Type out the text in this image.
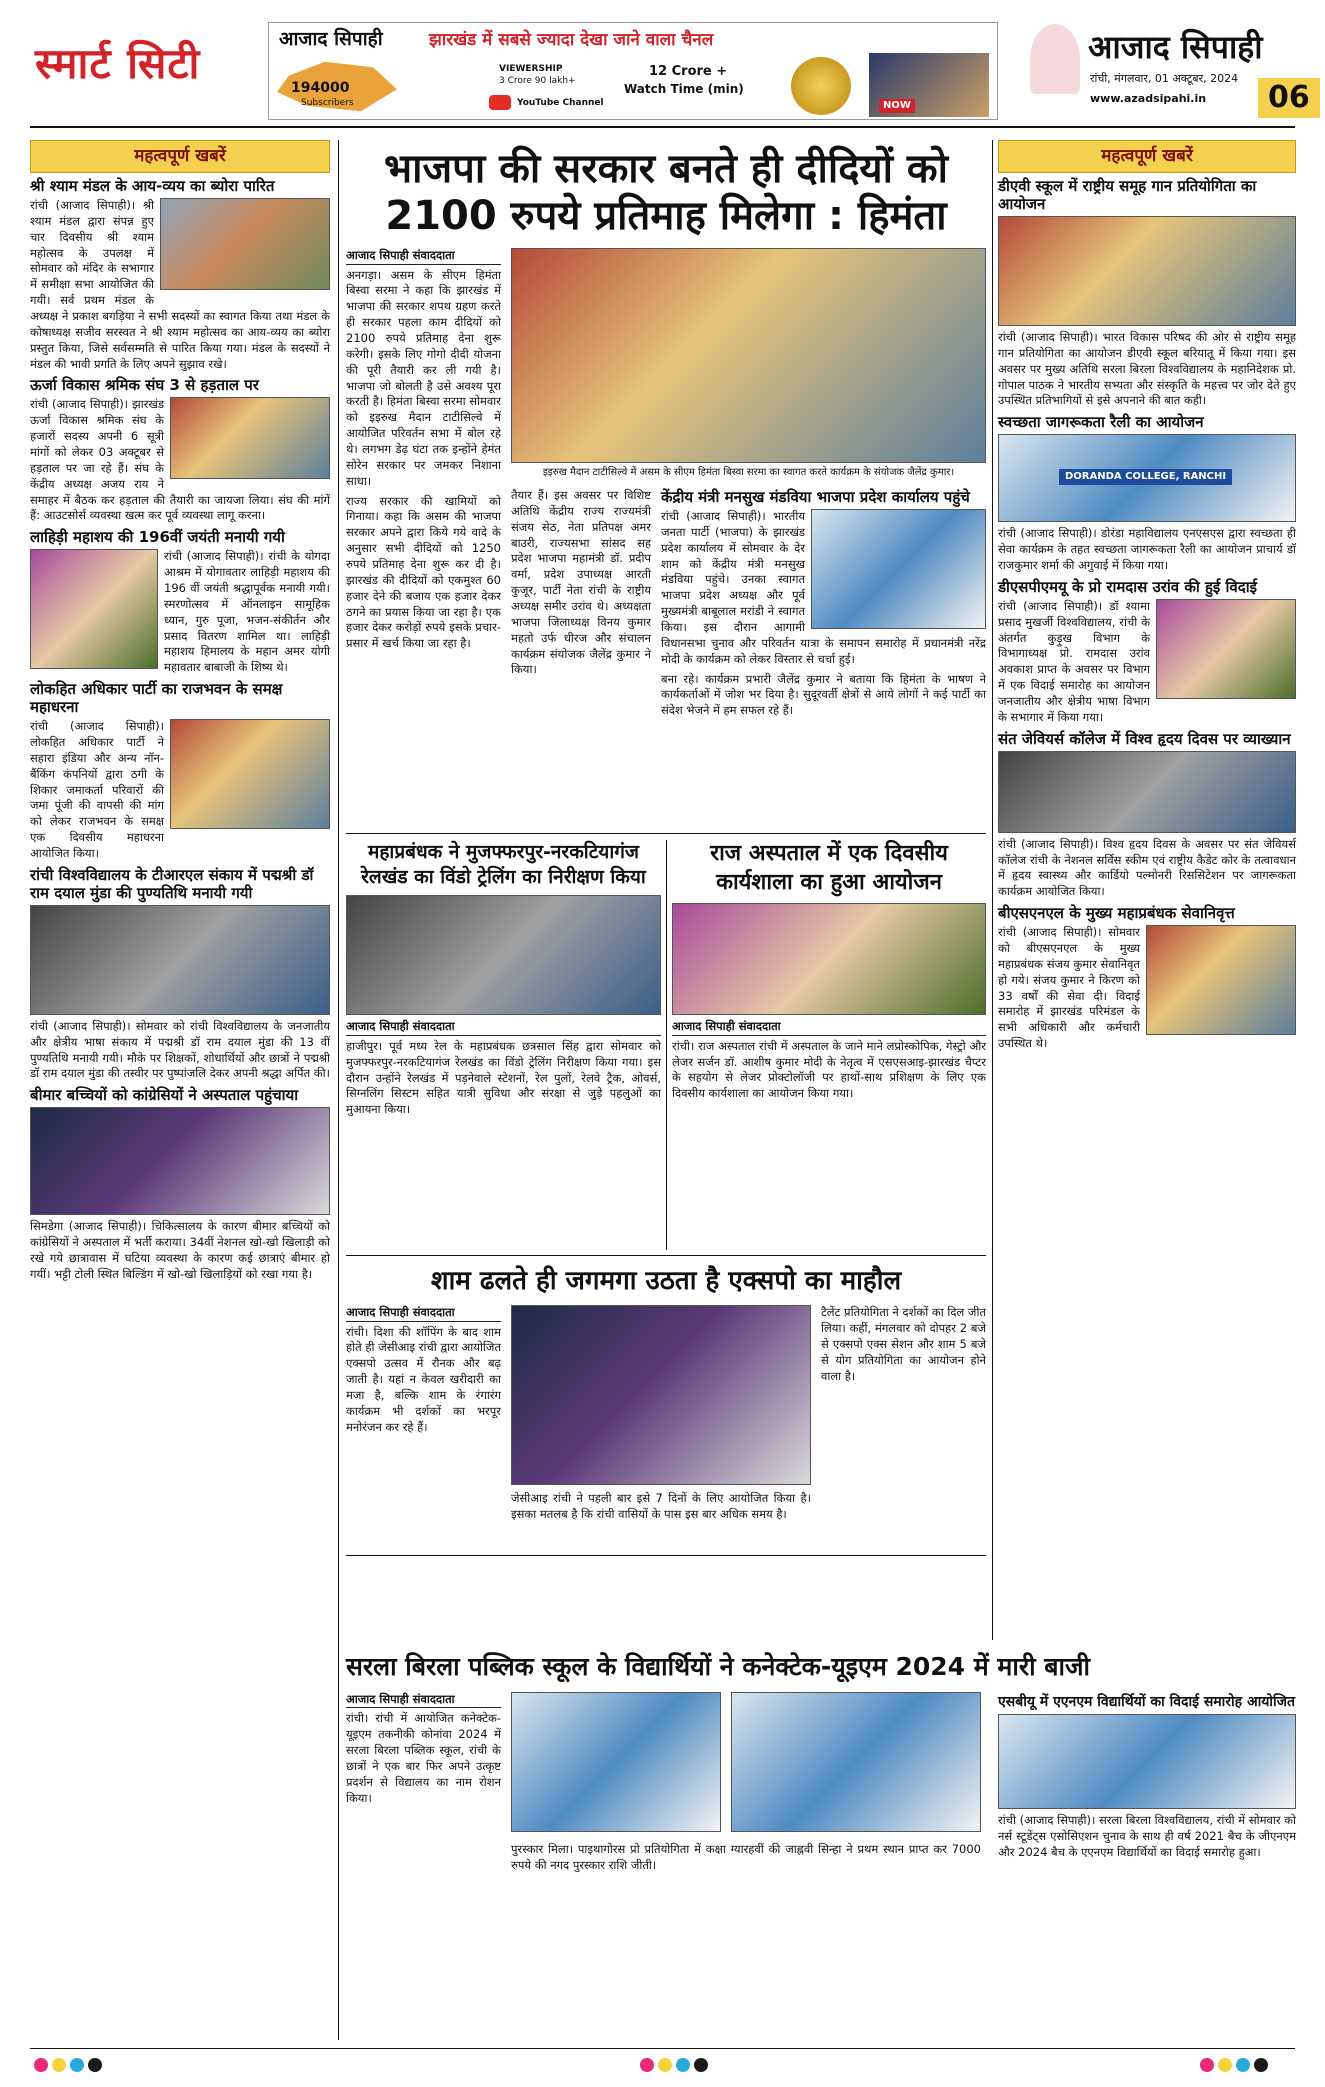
स्मार्ट सिटी	आजाद सिपाही	झारखंड में सबसे ज्यादा देखा जाने वाला चैनल
194000
Subscribers
VIEWERSHIP
3 Crore 90 lakh+
12 Crore +
Watch Time (min)
YouTube Channel	NOW
आजाद सिपाही
रांची, मंगलवार, 01 अक्टूबर, 2024
www.azadsipahi.in	06
महत्वपूर्ण खबरें
श्री श्याम मंडल के आय-व्यय का ब्योरा पारित
रांची (आजाद सिपाही)। श्री श्याम मंडल द्वारा संपन्न हुए चार दिवसीय श्री श्याम महोत्सव के उपलक्ष में सोमवार को मंदिर के सभागार में समीक्षा सभा आयोजित की गयी। सर्व प्रथम मंडल के अध्यक्ष ने प्रकाश बगड़िया ने सभी सदस्यों का स्वागत किया तथा मंडल के कोषाध्यक्ष सजीव सरस्वत ने श्री श्याम महोत्सव का आय-व्यय का ब्योरा प्रस्तुत किया, जिसे सर्वसम्मति से पारित किया गया। मंडल के सदस्यों ने मंडल की भावी प्रगति के लिए अपने सुझाव रखे।
ऊर्जा विकास श्रमिक संघ 3 से हड़ताल पर
रांची (आजाद सिपाही)। झारखंड ऊर्जा विकास श्रमिक संघ के हजारों सदस्य अपनी 6 सूत्री मांगों को लेकर 03 अक्टूबर से हड़ताल पर जा रहे हैं। संघ के केंद्रीय अध्यक्ष अजय राय ने समाहर में बैठक कर हड़ताल की तैयारी का जायजा लिया। संघ की मांगें हैं: आउटसोर्स व्यवस्था खत्म कर पूर्व व्यवस्था लागू करना।
लाहिड़ी महाशय की 196वीं जयंती मनायी गयी
रांची (आजाद सिपाही)। रांची के योगदा आश्रम में योगावतार लाहिड़ी महाशय की 196 वीं जयंती श्रद्धापूर्वक मनायी गयी। स्मरणोत्सव में ऑनलाइन सामूहिक ध्यान, गुरु पूजा, भजन-संकीर्तन और प्रसाद वितरण शामिल था। लाहिड़ी महाशय हिमालय के महान अमर योगी महावतार बाबाजी के शिष्य थे।
लोकहित अधिकार पार्टी का राजभवन के समक्ष महाधरना
रांची (आजाद सिपाही)। लोकहित अधिकार पार्टी ने सहारा इंडिया और अन्य नॉन-बैंकिंग कंपनियों द्वारा ठगी के शिकार जमाकर्ता परिवारों की जमा पूंजी की वापसी की मांग को लेकर राजभवन के समक्ष एक दिवसीय महाधरना आयोजित किया।
रांची विश्वविद्यालय के टीआरएल संकाय में पद्मश्री डॉ राम दयाल मुंडा की पुण्यतिथि मनायी गयी
रांची (आजाद सिपाही)। सोमवार को रांची विश्वविद्यालय के जनजातीय और क्षेत्रीय भाषा संकाय में पद्मश्री डॉ राम दयाल मुंडा की 13 वीं पुण्यतिथि मनायी गयी। मौके पर शिक्षकों, शोधार्थियों और छात्रों ने पद्मश्री डॉ राम दयाल मुंडा की तस्वीर पर पुष्पांजलि देकर अपनी श्रद्धा अर्पित की।
बीमार बच्चियों को कांग्रेसियों ने अस्पताल पहुंचाया
सिमडेगा (आजाद सिपाही)। चिकित्सालय के कारण बीमार बच्चियों को कांग्रेसियों ने अस्पताल में भर्ती कराया। 34वीं नेशनल खो-खो खिलाड़ी को रखे गये छात्रावास में घटिया व्यवस्था के कारण कई छात्राएं बीमार हो गयीं। भट्टी टोली स्थित बिल्डिंग में खो-खो खिलाड़ियों को रखा गया है।
भाजपा की सरकार बनते ही दीदियों को
2100 रुपये प्रतिमाह मिलेगा : हिमंता
आजाद सिपाही संवाददाता
अनगड़ा। असम के सीएम हिमंता बिस्वा सरमा ने कहा कि झारखंड में भाजपा की सरकार शपथ ग्रहण करते ही सरकार पहला काम दीदियों को 2100 रुपये प्रतिमाह देना शुरू करेगी। इसके लिए गोगो दीदी योजना की पूरी तैयारी कर ली गयी है। भाजपा जो बोलती है उसे अवश्य पूरा करती है। हिमंता बिस्वा सरमा सोमवार को इइरुख मैदान टाटीसिल्वे में आयोजित परिवर्तन सभा में बोल रहे थे। लगभग डेढ़ घंटा तक इन्होंने हेमंत सोरेन सरकार पर जमकर निशाना साधा।
राज्य सरकार की खामियों को गिनाया। कहा कि असम की भाजपा सरकार अपने द्वारा किये गये वादे के अनुसार सभी दीदियों को 1250 रुपये प्रतिमाह देना शुरू कर दी है। झारखंड की दीदियों को एकमुश्त 60 हजार देने की बजाय एक हजार देकर ठगने का प्रयास किया जा रहा है। एक हजार देकर करोड़ों रुपये इसके प्रचार-प्रसार में खर्च किया जा रहा है।
इइरुख मैदान टाटीसिल्वे में असम के सीएम हिमंता बिस्वा सरमा का स्वागत करते कार्यक्रम के संयोजक जैलेंद्र कुमार।
तैयार हैं। इस अवसर पर विशिष्ट अतिथि केंद्रीय राज्य राज्यमंत्री संजय सेठ, नेता प्रतिपक्ष अमर बाउरी, राज्यसभा सांसद सह प्रदेश भाजपा महामंत्री डॉ. प्रदीप वर्मा, प्रदेश उपाध्यक्ष आरती कुजूर, पार्टी नेता रांची के राष्ट्रीय अध्यक्ष समीर उरांव थे। अध्यक्षता भाजपा जिलाध्यक्ष विनय कुमार महतो उर्फ धीरज और संचालन कार्यक्रम संयोजक जैलेंद्र कुमार ने किया।
केंद्रीय मंत्री मनसुख मंडविया भाजपा प्रदेश कार्यालय पहुंचे
रांची (आजाद सिपाही)। भारतीय जनता पार्टी (भाजपा) के झारखंड प्रदेश कार्यालय में सोमवार के देर शाम को केंद्रीय मंत्री मनसुख मंडविया पहुंचे। उनका स्वागत भाजपा प्रदेश अध्यक्ष और पूर्व मुख्यमंत्री बाबूलाल मरांडी ने स्वागत किया। इस दौरान आगामी विधानसभा चुनाव और परिवर्तन यात्रा के समापन समारोह में प्रधानमंत्री नरेंद्र मोदी के कार्यक्रम को लेकर विस्तार से चर्चा हुई।
बना रहे। कार्यक्रम प्रभारी जैलेंद्र कुमार ने बताया कि हिमंता के भाषण ने कार्यकर्ताओं में जोश भर दिया है। सुदूरवर्ती क्षेत्रों से आये लोगों ने कई पार्टी का संदेश भेजने में हम सफल रहे हैं।
महाप्रबंधक ने मुजफ्फरपुर-नरकटियागंज
रेलखंड का विंडो ट्रेलिंग का निरीक्षण किया
आजाद सिपाही संवाददाता
हाजीपुर। पूर्व मध्य रेल के महाप्रबंधक छत्रसाल सिंह द्वारा सोमवार को मुजफ्फरपुर-नरकटियागंज रेलखंड का विंडो ट्रेलिंग निरीक्षण किया गया। इस दौरान उन्होंने रेलखंड में पड़नेवाले स्टेशनों, रेल पुलों, रेलवे ट्रैक, ओवर्स, सिग्नलिंग सिस्टम सहित यात्री सुविधा और संरक्षा से जुड़े पहलुओं का मुआयना किया।
राज अस्पताल में एक दिवसीय
कार्यशाला का हुआ आयोजन
आजाद सिपाही संवाददाता
रांची। राज अस्पताल रांची में अस्पताल के जाने माने लप्रोस्कोपिक, गेस्ट्रो और लेजर सर्जन डॉ. आशीष कुमार मोदी के नेतृत्व में एसएसआइ-झारखंड चैप्टर के सहयोग से लेजर प्रोक्टोलॉजी पर हाथों-साथ प्रशिक्षण के लिए एक दिवसीय कार्यशाला का आयोजन किया गया।
शाम ढलते ही जगमगा उठता है एक्सपो का माहौल
आजाद सिपाही संवाददाता
रांची। दिशा की शॉपिंग के बाद शाम होते ही जेसीआइ रांची द्वारा आयोजित एक्सपो उत्सव में रौनक और बढ़ जाती है। यहां न केवल खरीदारी का मजा है, बल्कि शाम के रंगारंग कार्यक्रम भी दर्शकों का भरपूर मनोरंजन कर रहे हैं।
जेसीआइ रांची ने पहली बार इसे 7 दिनों के लिए आयोजित किया है। इसका मतलब है कि रांची वासियों के पास इस बार अधिक समय है।
टैलेंट प्रतियोगिता ने दर्शकों का दिल जीत लिया। कहीं, मंगलवार को दोपहर 2 बजे से एक्सपो एक्स सेशन और शाम 5 बजे से योग प्रतियोगिता का आयोजन होने वाला है।
सरला बिरला पब्लिक स्कूल के विद्यार्थियों ने कनेक्टेक-यूइएम 2024 में मारी बाजी
आजाद सिपाही संवाददाता
रांची। रांची में आयोजित कनेक्टेक-यूइएम तकनीकी कोनांवा 2024 में सरला बिरला पब्लिक स्कूल, रांची के छात्रों ने एक बार फिर अपने उत्कृष्ट प्रदर्शन से विद्यालय का नाम रोशन किया।
पुरस्कार मिला। पाइथागोरस प्रो प्रतियोगिता में कक्षा ग्यारहवीं की जाह्नवी सिन्हा ने प्रथम स्थान प्राप्त कर 7000 रुपये की नगद पुरस्कार राशि जीती।
महत्वपूर्ण खबरें
डीएवी स्कूल में राष्ट्रीय समूह गान प्रतियोगिता का आयोजन
रांची (आजाद सिपाही)। भारत विकास परिषद की ओर से राष्ट्रीय समूह गान प्रतियोगिता का आयोजन डीएवी स्कूल बरियातू में किया गया। इस अवसर पर मुख्य अतिथि सरला बिरला विश्वविद्यालय के महानिदेशक प्रो. गोपाल पाठक ने भारतीय सभ्यता और संस्कृति के महत्त्व पर जोर देते हुए उपस्थित प्रतिभागियों से इसे अपनाने की बात कही।
स्वच्छता जागरूकता रैली का आयोजन
DORANDA COLLEGE, RANCHI
रांची (आजाद सिपाही)। डोरंडा महाविद्यालय एनएसएस द्वारा स्वच्छता ही सेवा कार्यक्रम के तहत स्वच्छता जागरूकता रैली का आयोजन प्राचार्य डॉ राजकुमार शर्मा की अगुवाई में किया गया।
डीएसपीएमयू के प्रो रामदास उरांव की हुई विदाई
रांची (आजाद सिपाही)। डॉ श्यामा प्रसाद मुखर्जी विश्वविद्यालय, रांची के अंतर्गत कुड़ुख विभाग के विभागाध्यक्ष प्रो. रामदास उरांव अवकाश प्राप्त के अवसर पर विभाग में एक विदाई समारोह का आयोजन जनजातीय और क्षेत्रीय भाषा विभाग के सभागार में किया गया।
संत जेवियर्स कॉलेज में विश्व हृदय दिवस पर व्याख्यान
रांची (आजाद सिपाही)। विश्व हृदय दिवस के अवसर पर संत जेवियर्स कॉलेज रांची के नेशनल सर्विस स्कीम एवं राष्ट्रीय कैडेट कोर के तत्वावधान में हृदय स्वास्थ्य और कार्डियो पल्मोनरी रिससिटेशन पर जागरूकता कार्यक्रम आयोजित किया।
बीएसएनएल के मुख्य महाप्रबंधक सेवानिवृत्त
रांची (आजाद सिपाही)। सोमवार को बीएसएनएल के मुख्य महाप्रबंधक संजय कुमार सेवानिवृत हो गये। संजय कुमार ने किरण को 33 वर्षों की सेवा दी। विदाई समारोह में झारखंड परिमंडल के सभी अधिकारी और कर्मचारी उपस्थित थे।
एसबीयू में एएनएम विद्यार्थियों का विदाई समारोह आयोजित
रांची (आजाद सिपाही)। सरला बिरला विश्वविद्यालय, रांची में सोमवार को नर्स स्टूडेंट्स एसोसिएशन चुनाव के साथ ही वर्ष 2021 बैच के जीएनएम और 2024 बैच के एएनएम विद्यार्थियों का विदाई समारोह हुआ।
